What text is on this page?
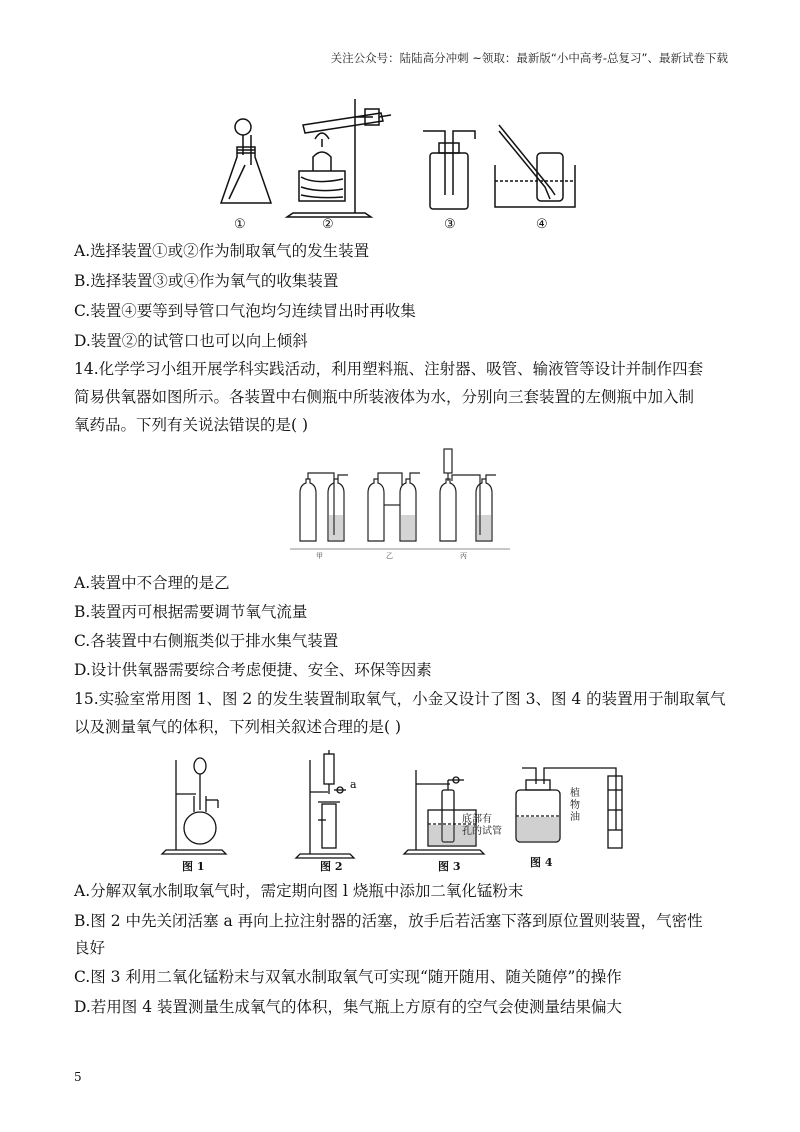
关注公众号：陆陆高分冲刺 ~领取：最新版“小中高考-总复习”、最新试卷下载
①	②	③	④
A.选择装置①或②作为制取氧气的发生装置
B.选择装置③或④作为氧气的收集装置
C.装置④要等到导管口气泡均匀连续冒出时再收集
D.装置②的试管口也可以向上倾斜
14.化学学习小组开展学科实践活动，利用塑料瓶、注射器、吸管、输液管等设计并制作四套
简易供氧器如图所示。各装置中右侧瓶中所装液体为水，分别向三套装置的左侧瓶中加入制
氧药品。下列有关说法错误的是( )
甲	乙	丙
A.装置中不合理的是乙
B.装置丙可根据需要调节氧气流量
C.各装置中右侧瓶类似于排水集气装置
D.设计供氧器需要综合考虑便捷、安全、环保等因素
15.实验室常用图 1、图 2 的发生装置制取氧气，小金又设计了图 3、图 4 的装置用于制取氧气
以及测量氧气的体积，下列相关叙述合理的是( )
图 1	图 2	图 3	图 4
a
底部有
孔的试管
植
物
油
A.分解双氧水制取氧气时，需定期向图 l 烧瓶中添加二氧化锰粉末
B.图 2 中先关闭活塞 a 再向上拉注射器的活塞，放手后若活塞下落到原位置则装置，气密性
良好
C.图 3 利用二氧化锰粉末与双氧水制取氧气可实现“随开随用、随关随停”的操作
D.若用图 4 装置测量生成氧气的体积，集气瓶上方原有的空气会使测量结果偏大
5
